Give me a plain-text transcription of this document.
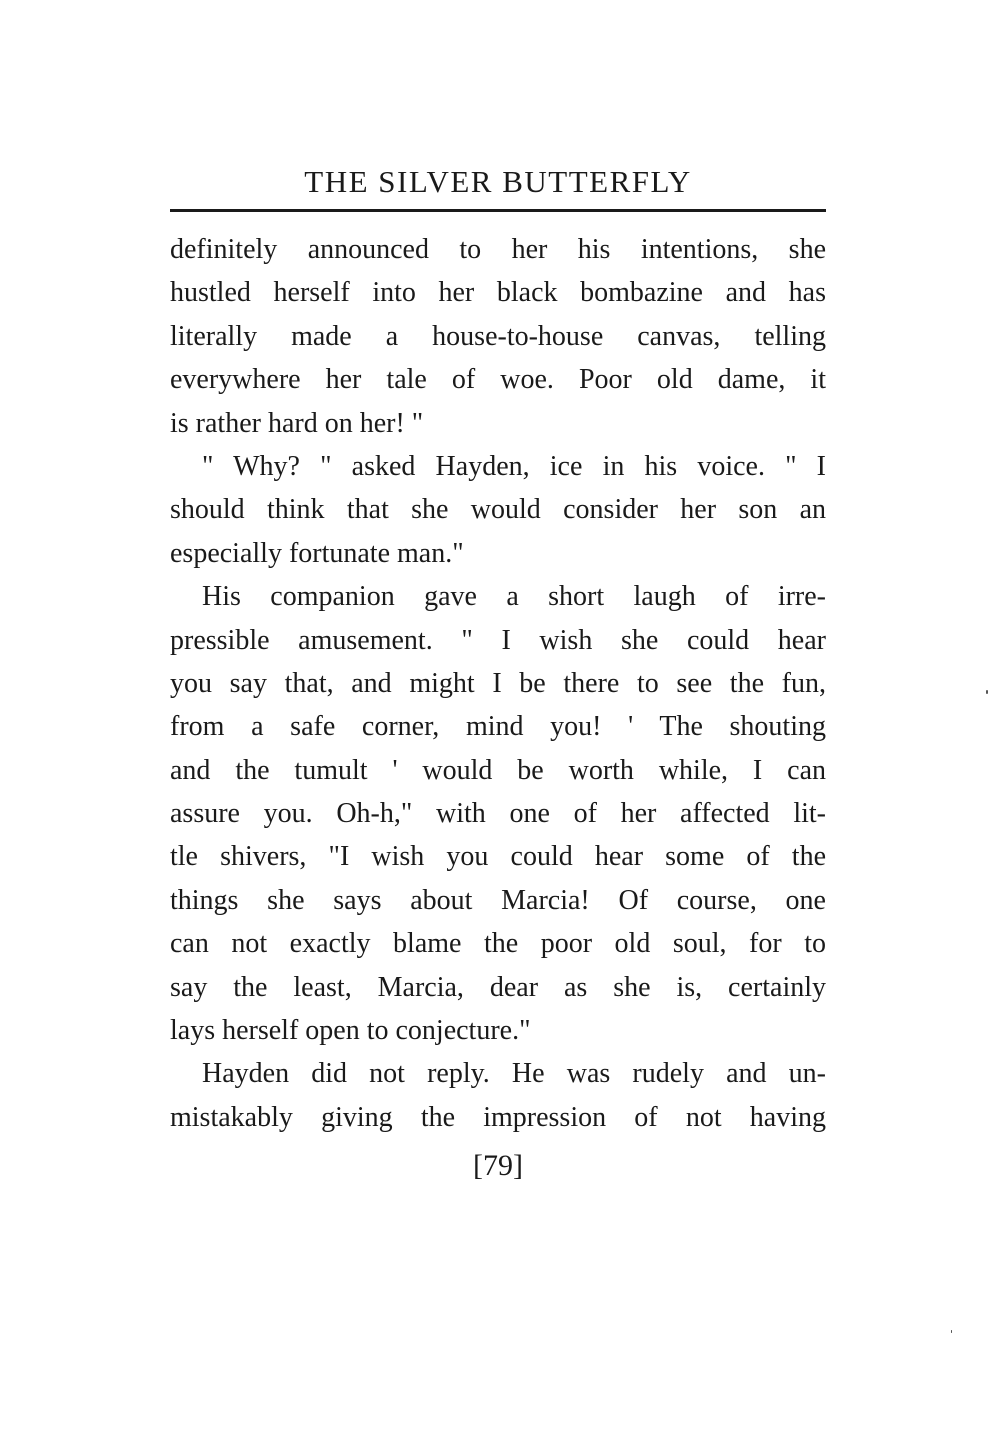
THE SILVER BUTTERFLY
definitely announced to her his intentions, she
hustled herself into her black bombazine and has
literally made a house-to-house canvas, telling
everywhere her tale of woe. Poor old dame, it
is rather hard on her! "
" Why? " asked Hayden, ice in his voice. " I
should think that she would consider her son an
especially fortunate man."
His companion gave a short laugh of irre-
pressible amusement. " I wish she could hear
you say that, and might I be there to see the fun,
from a safe corner, mind you! ' The shouting
and the tumult ' would be worth while, I can
assure you. Oh-h," with one of her affected lit-
tle shivers, "I wish you could hear some of the
things she says about Marcia! Of course, one
can not exactly blame the poor old soul, for to
say the least, Marcia, dear as she is, certainly
lays herself open to conjecture."
Hayden did not reply. He was rudely and un-
mistakably giving the impression of not having
[79]
